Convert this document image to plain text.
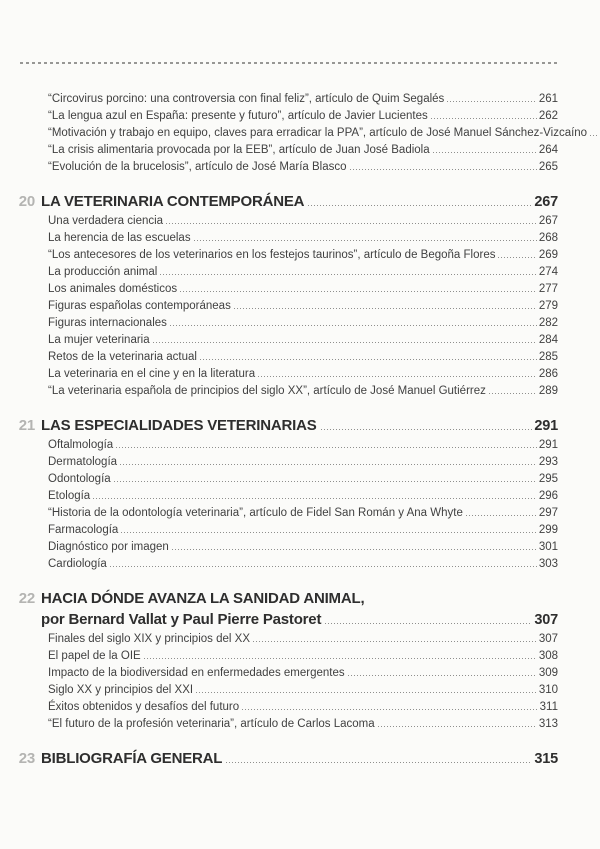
“Circovirus porcino: una controversia con final feliz”, artículo de Quim Segalés	261
“La lengua azul en España: presente y futuro”, artículo de Javier Lucientes	262
“Motivación y trabajo en equipo, claves para erradicar la PPA”, artículo de José Manuel Sánchez-Vizcaíno
“La crisis alimentaria provocada por la EEB”, artículo de Juan José Badiola	264
“Evolución de la brucelosis”, artículo de José María Blasco	265
20 LA VETERINARIA CONTEMPORÁNEA	267
Una verdadera ciencia	267
La herencia de las escuelas	268
“Los antecesores de los veterinarios en los festejos taurinos”, artículo de Begoña Flores	269
La producción animal	274
Los animales domésticos	277
Figuras españolas contemporáneas	279
Figuras internacionales	282
La mujer veterinaria	284
Retos de la veterinaria actual	285
La veterinaria en el cine y en la literatura	286
“La veterinaria española de principios del siglo XX”, artículo de José Manuel Gutiérrez	289
21 LAS ESPECIALIDADES VETERINARIAS	291
Oftalmología	291
Dermatología	293
Odontología	295
Etología	296
“Historia de la odontología veterinaria”, artículo de Fidel San Román y Ana Whyte	297
Farmacología	299
Diagnóstico por imagen	301
Cardiología	303
22 HACIA DÓNDE AVANZA LA SANIDAD ANIMAL,
por Bernard Vallat y Paul Pierre Pastoret	307
Finales del siglo XIX y principios del XX	307
El papel de la OIE	308
Impacto de la biodiversidad en enfermedades emergentes	309
Siglo XX y principios del XXI	310
Éxitos obtenidos y desafíos del futuro	311
“El futuro de la profesión veterinaria”, artículo de Carlos Lacoma	313
23 BIBLIOGRAFÍA GENERAL	315
